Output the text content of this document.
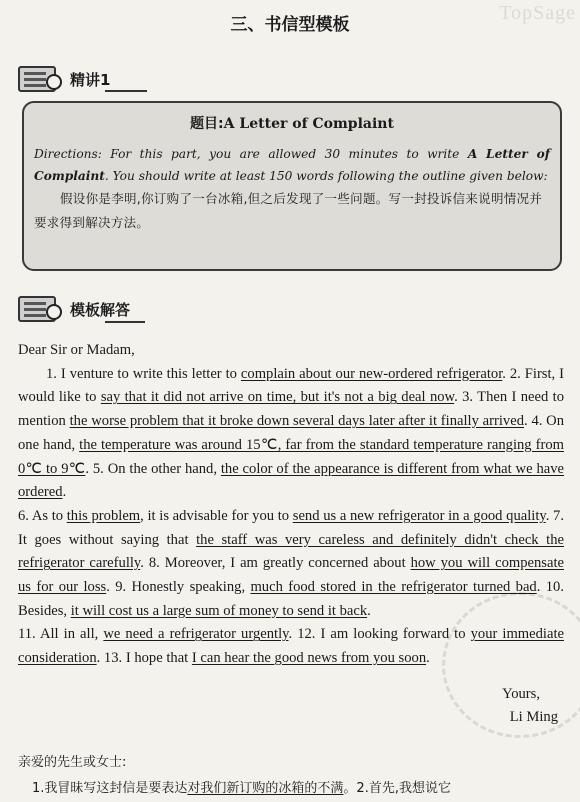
TopSage
三、书信型模板
精讲1
题目:A Letter of Complaint
Directions: For this part, you are allowed 30 minutes to write A Letter of Complaint. You should write at least 150 words following the outline given below:
假设你是李明,你订购了一台冰箱,但之后发现了一些问题。写一封投诉信来说明情况并要求得到解决方法。
模板解答

Dear Sir or Madam,

1. I venture to write this letter to complain about our new-ordered refrigerator. 2. First, I would like to say that it did not arrive on time, but it's not a big deal now. 3. Then I need to mention the worse problem that it broke down several days later after it finally arrived. 4. On one hand, the temperature was around 15℃, far from the standard temperature ranging from 0℃ to 9℃. 5. On the other hand, the color of the appearance is different from what we have ordered.

6. As to this problem, it is advisable for you to send us a new refrigerator in a good quality. 7. It goes without saying that the staff was very careless and definitely didn't check the refrigerator carefully. 8. Moreover, I am greatly concerned about how you will compensate us for our loss. 9. Honestly speaking, much food stored in the refrigerator turned bad. 10. Besides, it will cost us a large sum of money to send it back.

11. All in all, we need a refrigerator urgently. 12. I am looking forward to your immediate consideration. 13. I hope that I can hear the good news from you soon.

Yours,
Li Ming

亲爱的先生或女士:

1.我冒昧写这封信是要表达对我们新订购的冰箱的不满。2.首先,我想说它
